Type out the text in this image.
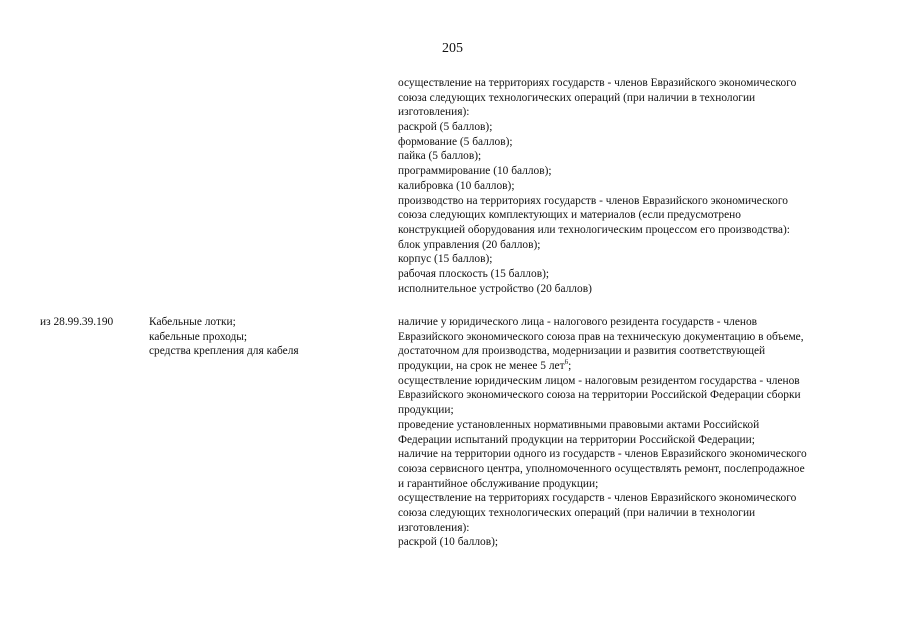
205
осуществление на территориях государств - членов Евразийского экономического
союза следующих технологических операций (при наличии в технологии
изготовления):
раскрой (5 баллов);
формование (5 баллов);
пайка (5 баллов);
программирование (10 баллов);
калибровка (10 баллов);
производство на территориях государств - членов Евразийского экономического
союза следующих комплектующих и материалов (если предусмотрено
конструкцией оборудования или технологическим процессом его производства):
блок управления (20 баллов);
корпус (15 баллов);
рабочая плоскость (15 баллов);
исполнительное устройство (20 баллов)
из 28.99.39.190	Кабельные лотки;
кабельные проходы;
средства крепления для кабеля
наличие у юридического лица - налогового резидента государств - членов
Евразийского экономического союза прав на техническую документацию в объеме,
достаточном для производства, модернизации и развития соответствующей
продукции, на срок не менее 5 лет$^6$;
осуществление юридическим лицом - налоговым резидентом государства - членов
Евразийского экономического союза на территории Российской Федерации сборки
продукции;
проведение установленных нормативными правовыми актами Российской
Федерации испытаний продукции на территории Российской Федерации;
наличие на территории одного из государств - членов Евразийского экономического
союза сервисного центра, уполномоченного осуществлять ремонт, послепродажное
и гарантийное обслуживание продукции;
осуществление на территориях государств - членов Евразийского экономического
союза следующих технологических операций (при наличии в технологии
изготовления):
раскрой (10 баллов);
